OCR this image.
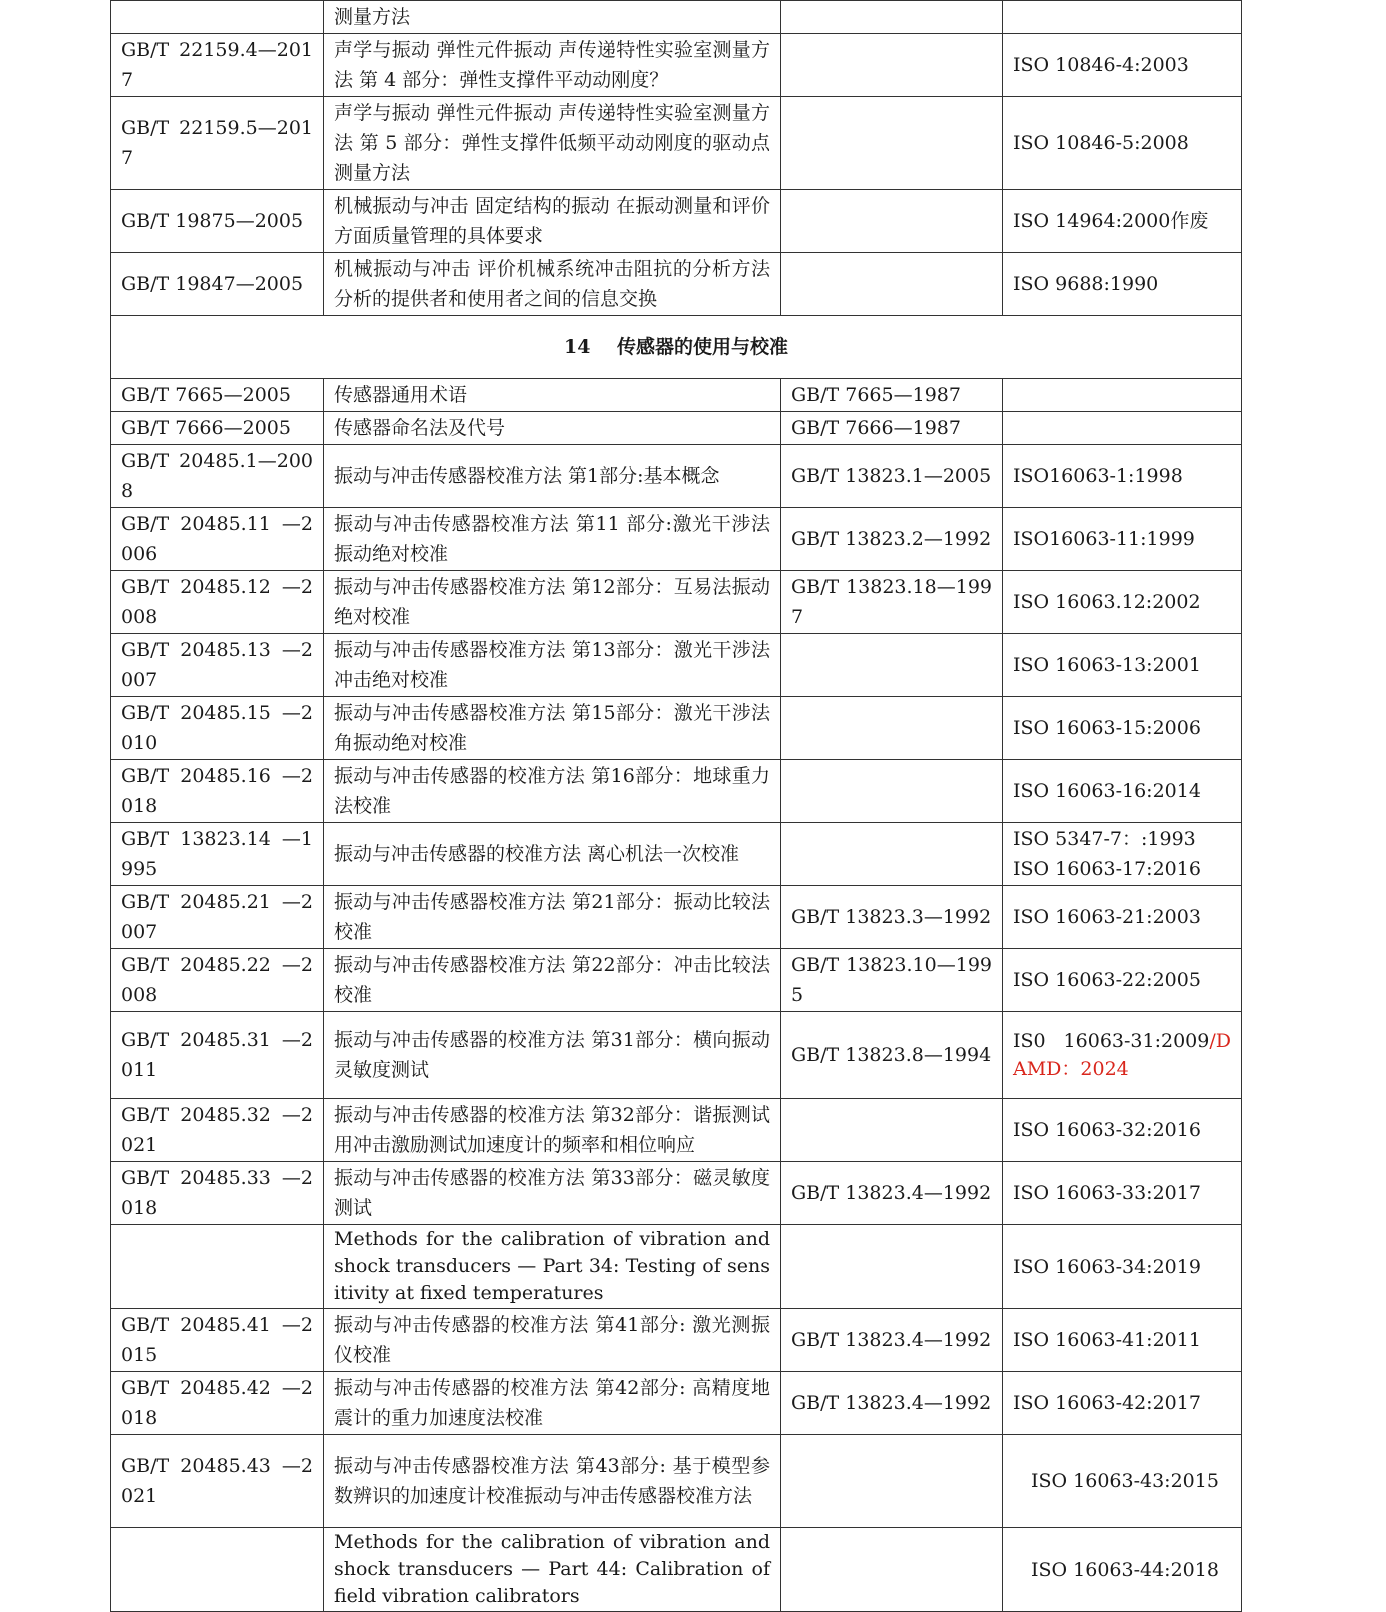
	测量方法		
GB/T 22159.4—2017	声学与振动 弹性元件振动 声传递特性实验室测量方法 第 4 部分：弹性支撑件平动动刚度？		ISO 10846-4:2003
GB/T 22159.5—2017	声学与振动 弹性元件振动 声传递特性实验室测量方法 第 5 部分：弹性支撑件低频平动动刚度的驱动点测量方法		ISO 10846-5:2008
GB/T 19875—2005	机械振动与冲击 固定结构的振动 在振动测量和评价方面质量管理的具体要求		ISO 14964:2000作废
GB/T 19847—2005	机械振动与冲击 评价机械系统冲击阻抗的分析方法 分析的提供者和使用者之间的信息交换		ISO 9688:1990
14 传感器的使用与校准			
GB/T 7665—2005	传感器通用术语	GB/T 7665—1987	
GB/T 7666—2005	传感器命名法及代号	GB/T 7666—1987	
GB/T 20485.1—2008	振动与冲击传感器校准方法 第1部分:基本概念	GB/T 13823.1—2005	ISO16063-1:1998
GB/T 20485.11 —2006	振动与冲击传感器校准方法 第11 部分:激光干涉法振动绝对校准	GB/T 13823.2—1992	ISO16063-11:1999
GB/T 20485.12 —2008	振动与冲击传感器校准方法 第12部分：互易法振动绝对校准	GB/T 13823.18—1997	ISO 16063.12:2002
GB/T 20485.13 —2007	振动与冲击传感器校准方法 第13部分：激光干涉法冲击绝对校准		ISO 16063-13:2001
GB/T 20485.15 —2010	振动与冲击传感器校准方法 第15部分：激光干涉法角振动绝对校准		ISO 16063-15:2006
GB/T 20485.16 —2018	振动与冲击传感器的校准方法 第16部分：地球重力法校准		ISO 16063-16:2014
GB/T 13823.14 —1995	振动与冲击传感器的校准方法 离心机法一次校准		ISO 5347-7：:1993
ISO 16063-17:2016

GB/T 20485.21 —2007	振动与冲击传感器校准方法 第21部分：振动比较法校准	GB/T 13823.3—1992	ISO 16063-21:2003
GB/T 20485.22 —2008	振动与冲击传感器校准方法 第22部分：冲击比较法校准	GB/T 13823.10—1995	ISO 16063-22:2005
GB/T 20485.31 —2011	振动与冲击传感器的校准方法 第31部分：横向振动灵敏度测试	GB/T 13823.8—1994	IS0 16063-31:2009/DAMD：2024
GB/T 20485.32 —2021	振动与冲击传感器的校准方法 第32部分：谐振测试 用冲击激励测试加速度计的频率和相位响应		ISO 16063-32:2016
GB/T 20485.33 —2018	振动与冲击传感器的校准方法 第33部分：磁灵敏度测试	GB/T 13823.4—1992	ISO 16063-33:2017
	Methods for the calibration of vibration and shock transducers — Part 34: Testing of sensitivity at fixed temperatures		ISO 16063-34:2019
GB/T 20485.41 —2015	振动与冲击传感器的校准方法 第41部分: 激光测振仪校准	GB/T 13823.4—1992	ISO 16063-41:2011
GB/T 20485.42 —2018	振动与冲击传感器的校准方法 第42部分: 高精度地震计的重力加速度法校准	GB/T 13823.4—1992	ISO 16063-42:2017
GB/T 20485.43 —2021	振动与冲击传感器校准方法 第43部分: 基于模型参数辨识的加速度计校准振动与冲击传感器校准方法		ISO 16063-43:2015
	Methods for the calibration of vibration and shock transducers — Part 44: Calibration of field vibration calibrators		ISO 16063-44:2018
